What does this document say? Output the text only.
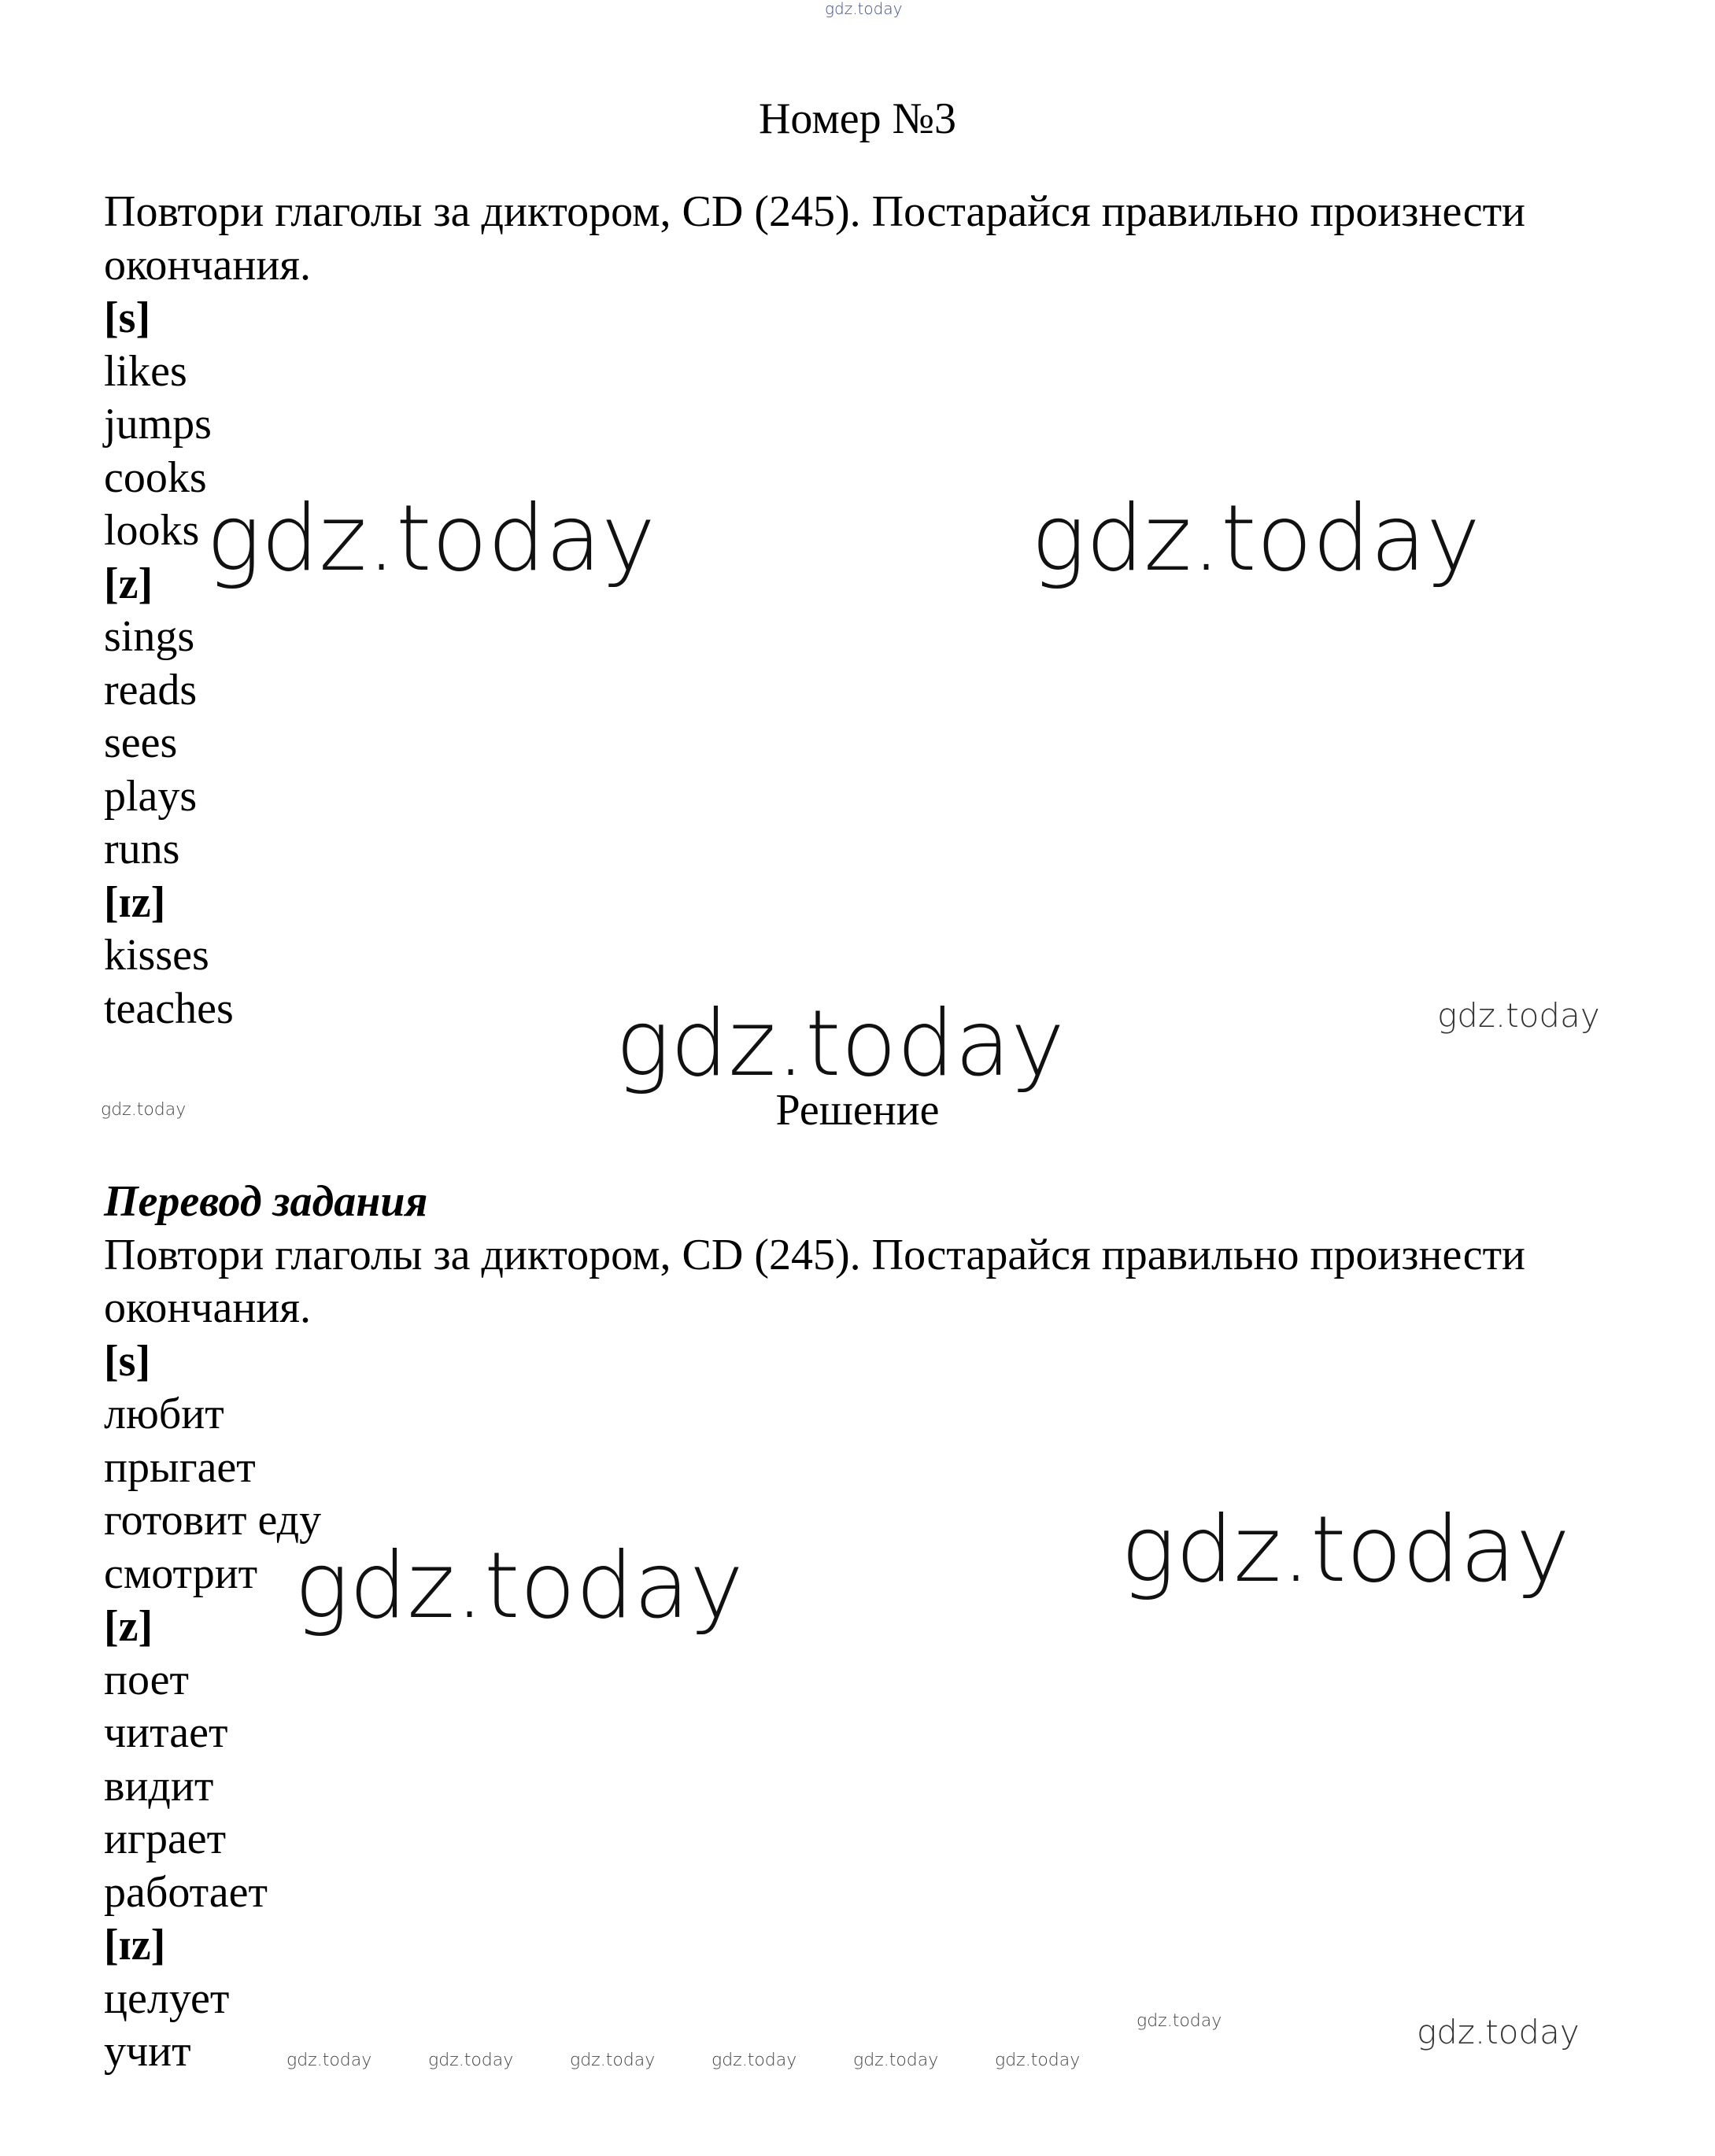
gdz.today
Номер №3
Повтори глаголы за диктором, CD (245). Постарайся правильно произнести
окончания.
[s]
likes
jumps
cooks
looks
[z]
sings
reads
sees
plays
runs
[ɪz]
kisses
teaches
Решение
Перевод задания
Повтори глаголы за диктором, CD (245). Постарайся правильно произнести
окончания.
[s]
любит
прыгает
готовит еду
смотрит
[z]
поет
читает
видит
играет
работает
[ɪz]
целует
учит
gdz.today	gdz.today
gdz.today	gdz.today
gdz.today
gdz.today
gdz.today
gdz.today
gdz.today
gdz.today	gdz.today	gdz.today	gdz.today	gdz.today	gdz.today
